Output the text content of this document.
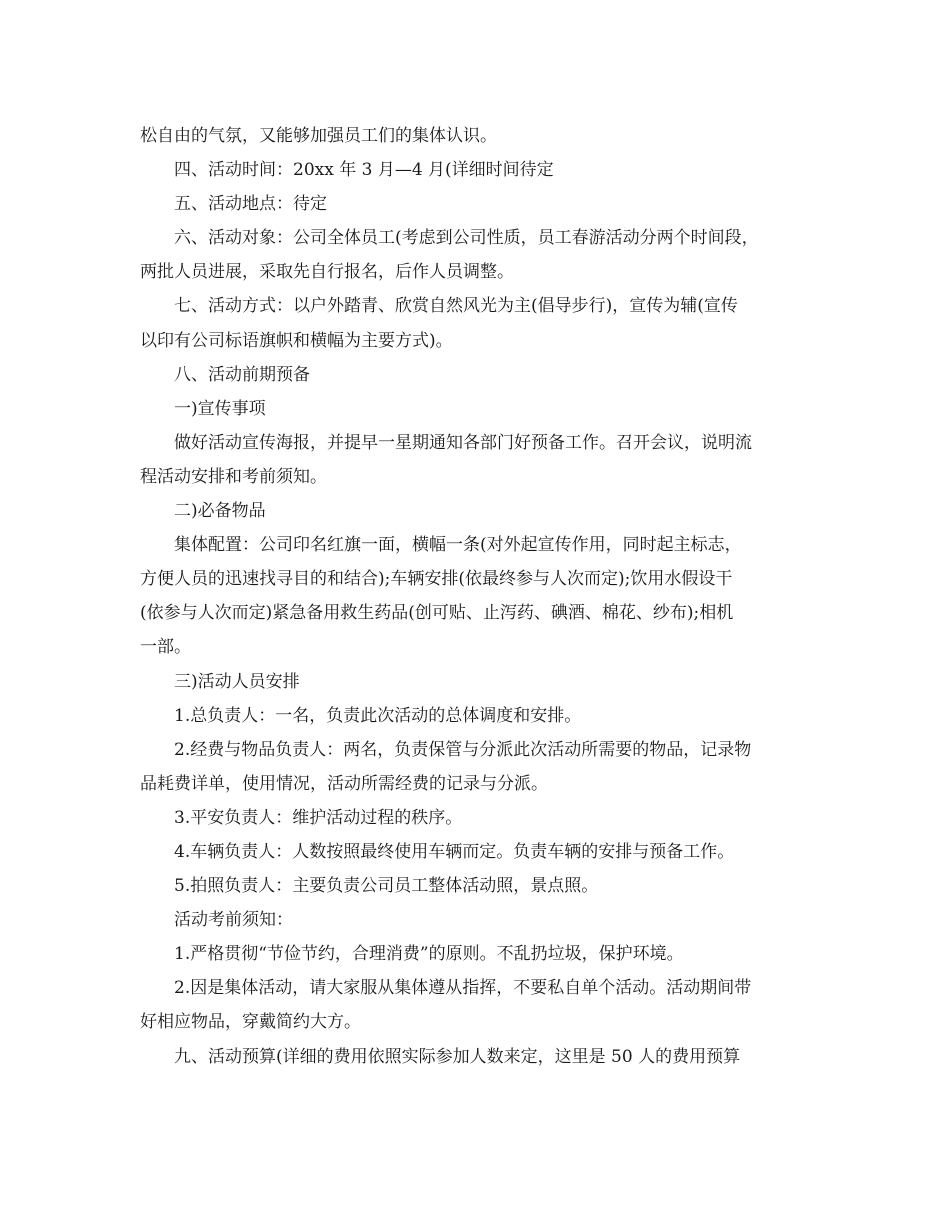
松自由的气氛，又能够加强员工们的集体认识。
四、活动时间：20xx 年 3 月—4 月(详细时间待定
五、活动地点：待定
六、活动对象：公司全体员工(考虑到公司性质，员工春游活动分两个时间段，
两批人员进展，采取先自行报名，后作人员调整。
七、活动方式：以户外踏青、欣赏自然风光为主(倡导步行)，宣传为辅(宣传
以印有公司标语旗帜和横幅为主要方式)。
八、活动前期预备
一)宣传事项
做好活动宣传海报，并提早一星期通知各部门好预备工作。召开会议，说明流
程活动安排和考前须知。
二)必备物品
集体配置：公司印名红旗一面，横幅一条(对外起宣传作用，同时起主标志，
方便人员的迅速找寻目的和结合);车辆安排(依最终参与人次而定);饮用水假设干
(依参与人次而定)紧急备用救生药品(创可贴、止泻药、碘酒、棉花、纱布);相机
一部。
三)活动人员安排
1.总负责人：一名，负责此次活动的总体调度和安排。
2.经费与物品负责人：两名，负责保管与分派此次活动所需要的物品，记录物
品耗费详单，使用情况，活动所需经费的记录与分派。
3.平安负责人：维护活动过程的秩序。
4.车辆负责人：人数按照最终使用车辆而定。负责车辆的安排与预备工作。
5.拍照负责人：主要负责公司员工整体活动照，景点照。
活动考前须知：
1.严格贯彻“节俭节约，合理消费”的原则。不乱扔垃圾，保护环境。
2.因是集体活动，请大家服从集体遵从指挥，不要私自单个活动。活动期间带
好相应物品，穿戴简约大方。
九、活动预算(详细的费用依照实际参加人数来定，这里是 50 人的费用预算
